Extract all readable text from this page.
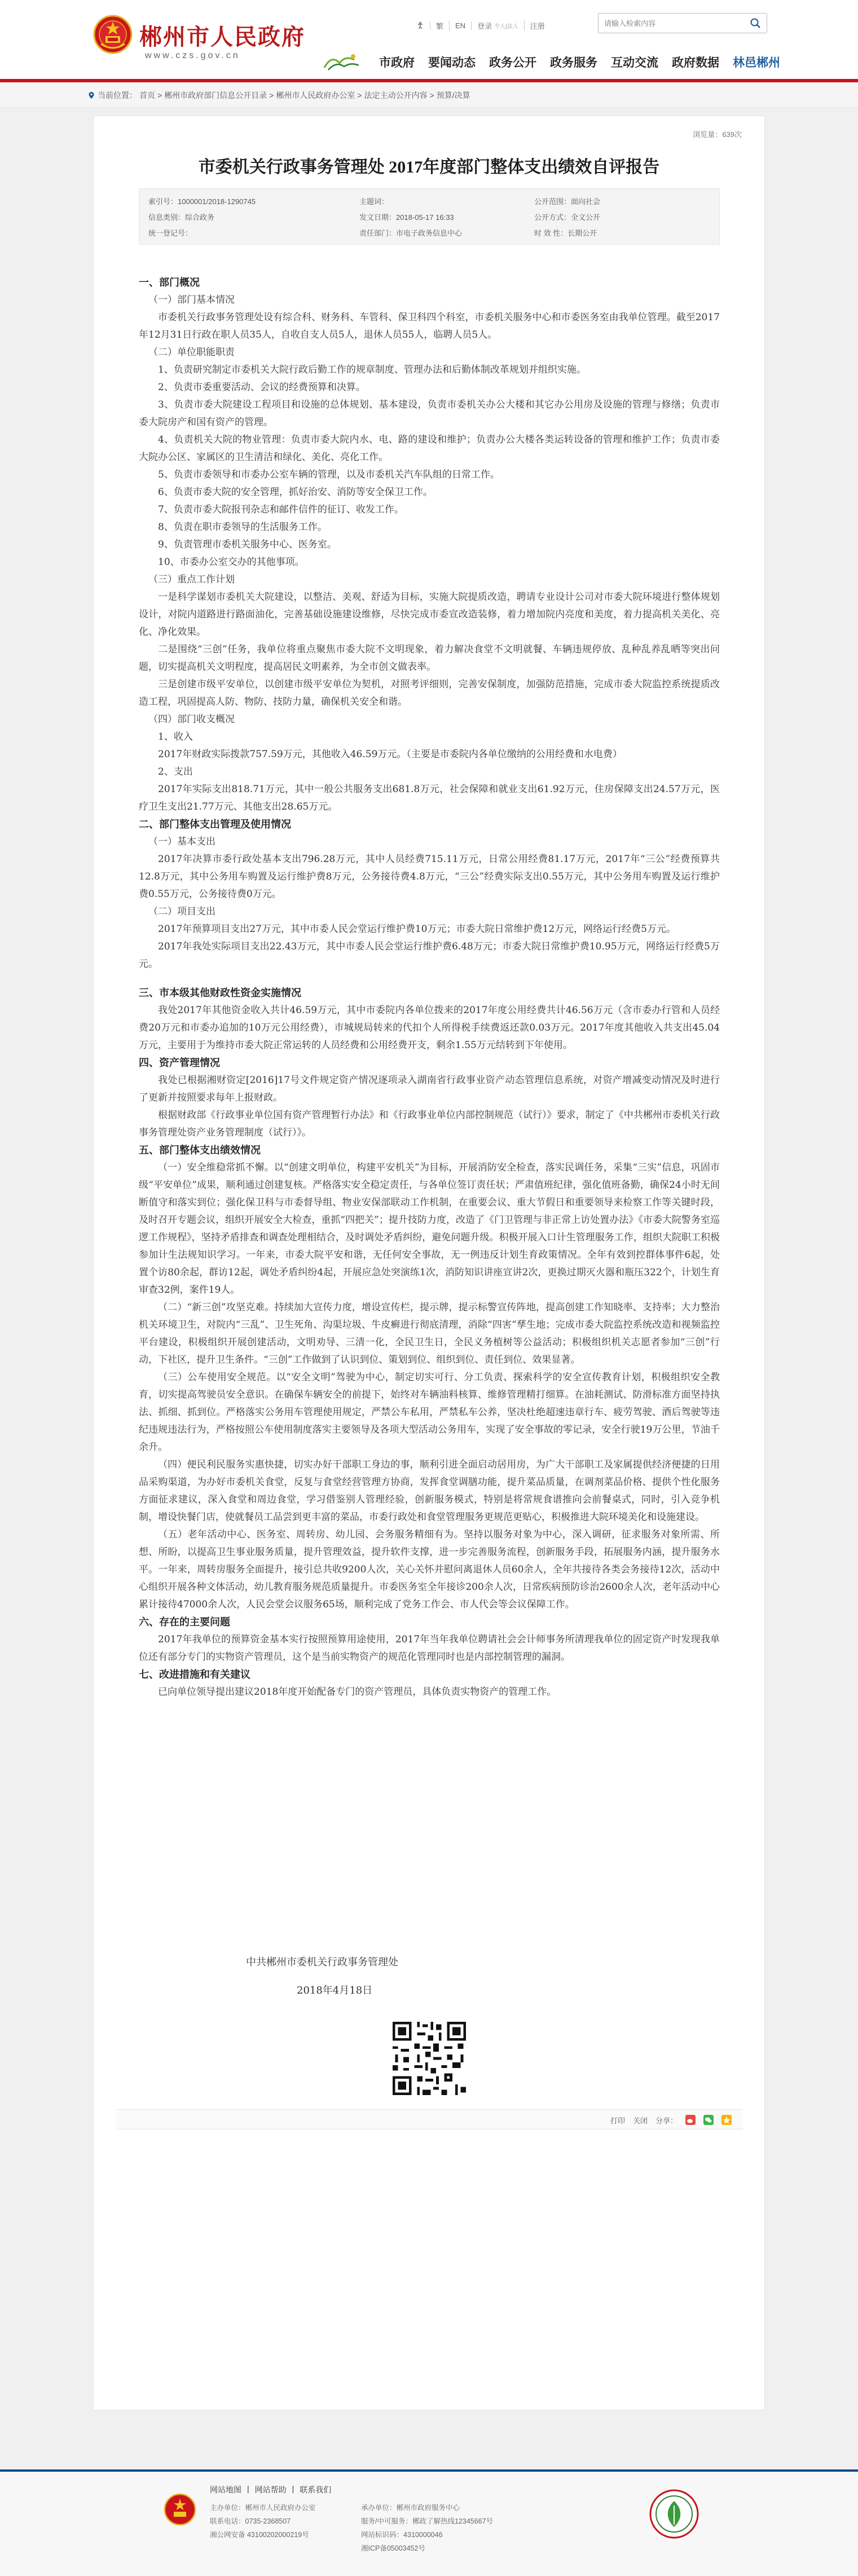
郴州市人民政府
www.czs.gov.cn
繁 EN 登录 个人|法人 注册
请输入检索内容
市政府	要闻动态	政务公开	政务服务	互动交流	政府数据	林邑郴州
当前位置： 首页 > 郴州市政府部门信息公开目录 > 郴州市人民政府办公室 > 法定主动公开内容 > 预算/决算
浏览量：639次
市委机关行政事务管理处 2017年度部门整体支出绩效自评报告
索引号：1000001/2018-1290745	主题词：	公开范围：面向社会
信息类别：综合政务	发文日期：2018-05-17 16:33	公开方式：全文公开
统一登记号：	责任部门：市电子政务信息中心	时 效 性：长期公开
一、部门概况
（一）部门基本情况
市委机关行政事务管理处设有综合科、财务科、车管科、保卫科四个科室，市委机关服务中心和市委医务室由我单位管理。截至2017年12月31日行政在职人员35人，自收自支人员5人，退休人员55人，临聘人员5人。
（二）单位职能职责
1、负责研究制定市委机关大院行政后勤工作的规章制度、管理办法和后勤体制改革规划并组织实施。
2、负责市委重要活动、会议的经费预算和决算。
3、负责市委大院建设工程项目和设施的总体规划、基本建设，负责市委机关办公大楼和其它办公用房及设施的管理与修缮；负责市委大院房产和国有资产的管理。
4、负责机关大院的物业管理：负责市委大院内水、电、路的建设和维护；负责办公大楼各类运转设备的管理和维护工作；负责市委大院办公区、家属区的卫生清洁和绿化、美化、亮化工作。
5、负责市委领导和市委办公室车辆的管理，以及市委机关汽车队组的日常工作。
6、负责市委大院的安全管理，抓好治安、消防等安全保卫工作。
7、负责市委大院报刊杂志和邮件信件的征订、收发工作。
8、负责在职市委领导的生活服务工作。
9、负责管理市委机关服务中心、医务室。
10、市委办公室交办的其他事项。
（三）重点工作计划
一是科学谋划市委机关大院建设，以整洁、美观、舒适为目标，实施大院提质改造，聘请专业设计公司对市委大院环境进行整体规划设计，对院内道路进行路面油化，完善基础设施建设维修，尽快完成市委宣改造装修，着力增加院内亮度和美度，着力提高机关美化、亮化、净化效果。
二是围绕“三创”任务，我单位将重点聚焦市委大院不文明现象，着力解决食堂不文明就餐、车辆违规停放、乱种乱养乱晒等突出问题，切实提高机关文明程度，提高居民文明素养，为全市创文做表率。
三是创建市级平安单位，以创建市级平安单位为契机，对照考评细则，完善安保制度，加强防范措施，完成市委大院监控系统提质改造工程，巩固提高人防、物防、技防力量，确保机关安全和谐。
（四）部门收支概况
1、收入
2017年财政实际拨款757.59万元，其他收入46.59万元。（主要是市委院内各单位缴纳的公用经费和水电费）
2、支出
2017年实际支出818.71万元，其中一般公共服务支出681.8万元，社会保障和就业支出61.92万元，住房保障支出24.57万元，医疗卫生支出21.77万元、其他支出28.65万元。
二、部门整体支出管理及使用情况
（一）基本支出
2017年决算市委行政处基本支出796.28万元，其中人员经费715.11万元，日常公用经费81.17万元，2017年“三公”经费预算共12.8万元，其中公务用车购置及运行维护费8万元，公务接待费4.8万元，“三公”经费实际支出0.55万元，其中公务用车购置及运行维护费0.55万元，公务接待费0万元。
（二）项目支出
2017年预算项目支出27万元，其中市委人民会堂运行维护费10万元；市委大院日常维护费12万元，网络运行经费5万元。
2017年我处实际项目支出22.43万元，其中市委人民会堂运行维护费6.48万元；市委大院日常维护费10.95万元，网络运行经费5万元。
三、市本级其他财政性资金实施情况
我处2017年其他资金收入共计46.59万元，其中市委院内各单位拨来的2017年度公用经费共计46.56万元（含市委办行管和人员经费20万元和市委办追加的10万元公用经费），市城规局转来的代扣个人所得税手续费返还款0.03万元。2017年度其他收入共支出45.04万元，主要用于为维持市委大院正常运转的人员经费和公用经费开支，剩余1.55万元结转到下年使用。
四、资产管理情况
我处已根据湘财资定[2016]17号文件规定资产情况逐项录入湖南省行政事业资产动态管理信息系统，对资产增减变动情况及时进行了更新并按照要求每年上报财政。
根据财政部《行政事业单位国有资产管理暂行办法》和《行政事业单位内部控制规范（试行）》要求，制定了《中共郴州市委机关行政事务管理处资产业务管理制度（试行）》。
五、部门整体支出绩效情况
（一）安全维稳常抓不懈。以“创建文明单位，构建平安机关”为目标，开展消防安全检查，落实民调任务，采集“三实”信息，巩固市级“平安单位”成果，顺利通过创建复核。严格落实安全稳定责任，与各单位签订责任状；严肃值班纪律，强化值班备勤，确保24小时无间断值守和落实到位；强化保卫科与市委督导组、物业安保部联动工作机制，在重要会议、重大节假日和重要领导来检察工作等关键时段，及时召开专题会议，组织开展安全大检查，重抓“四把关”；提升技防力度，改造了《门卫管理与非正常上访处置办法》《市委大院警务室巡逻工作规程》，坚持矛盾排查和调查处理相结合，及时调处矛盾纠纷，避免问题升级。积极开展入口计生管理服务工作，组织大院职工积极参加计生法规知识学习。一年来，市委大院平安和谐，无任何安全事故，无一例违反计划生育政策情况。全年有效到控群体事件6起，处置个访80余起，群访12起，调处矛盾纠纷4起，开展应急处突演练1次，消防知识讲座宣讲2次，更换过期灭火器和瓶压322个，计划生育审查32例，案件19人。
（二）“新三创”攻坚克难。持续加大宣传力度，增设宣传栏，提示牌，提示标警宣传阵地，提高创建工作知晓率、支持率；大力整治机关环境卫生，对院内“三乱”、卫生死角、沟渠垃圾、牛皮癣进行彻底清理，消除“四害”孳生地；完成市委大院监控系统改造和视频监控平台建设，积极组织开展创建活动，文明劝导、三清一化，全民卫生日，全民义务植树等公益活动；积极组织机关志愿者参加“三创”行动，下社区，提升卫生条件。“三创”工作做到了认识到位、策划到位、组织到位、责任到位、效果显著。
（三）公车使用安全规范。以“安全文明”驾驶为中心，制定切实可行、分工负责、探索科学的安全宣传教育计划，积极组织安全教育，切实提高驾驶员安全意识。在确保车辆安全的前提下，始终对车辆油料核算、维修管理精打细算。在油耗测试、防滑标准方面坚持执法、抓细、抓到位。严格落实公务用车管理使用规定，严禁公车私用，严禁私车公养，坚决杜绝超速违章行车、疲劳驾驶、酒后驾驶等违纪违规违法行为，严格按照公车使用制度落实主要领导及各项大型活动公务用车，实现了安全事故的零记录，安全行驶19万公里，节油千余升。
（四）便民利民服务实惠快捷，切实办好干部职工身边的事，顺利引进全面启动居用房，为广大干部职工及家属提供经济便捷的日用品采购渠道，为办好市委机关食堂，反复与食堂经营管理方协商，发挥食堂调膳功能，提升菜品质量，在调剂菜品价格、提供个性化服务方面征求建议，深入食堂和周边食堂，学习借鉴别人管理经验，创新服务模式，特别是将常规食谱推向会前餐桌式，同时，引入竞争机制，增设快餐门店，使就餐员工品尝到更丰富的菜品，市委行政处和食堂管理服务更规范更贴心，积极推进大院环境美化和设施建设。
（五）老年活动中心、医务室、周转房、幼儿园、会务服务精细有为。坚持以服务对象为中心，深入调研，征求服务对象所需、所想、所盼，以提高卫生事业服务质量，提升管理效益，提升软件支撑，进一步完善服务流程，创新服务手段，拓展服务内涵，提升服务水平。一年来，周转房服务全面提升，接引总共收9200人次，关心关怀并慰问离退休人员60余人，全年共接待各类会务接待12次，活动中心组织开展各种文体活动，幼儿教育服务规范质量提升。市委医务室全年接诊200余人次，日常疾病预防诊治2600余人次，老年活动中心累计接待47000余人次，人民会堂会议服务65场，顺利完成了党务工作会、市人代会等会议保障工作。
六、存在的主要问题
2017年我单位的预算资金基本实行按照预算用途使用，2017年当年我单位聘请社会会计师事务所清理我单位的固定资产时发现我单位还有部分专门的实物资产管理员，这个是当前实物资产的规范化管理同时也是内部控制管理的漏洞。
七、改进措施和有关建议
已向单位领导提出建议2018年度开始配备专门的资产管理员，具体负责实物资产的管理工作。
中共郴州市委机关行政事务管理处
2018年4月18日
打印 关闭 分享：
网站地图 | 网站帮助 | 联系我们
主办单位：郴州市人民政府办公室
联系电话：0735-2368507
湘公网安备 43100202000219号
承办单位：郴州市政府服务中心
服务/中可服务：郴政了解热线12345667号
网站标识码：4310000046
湘ICP备05003452号
